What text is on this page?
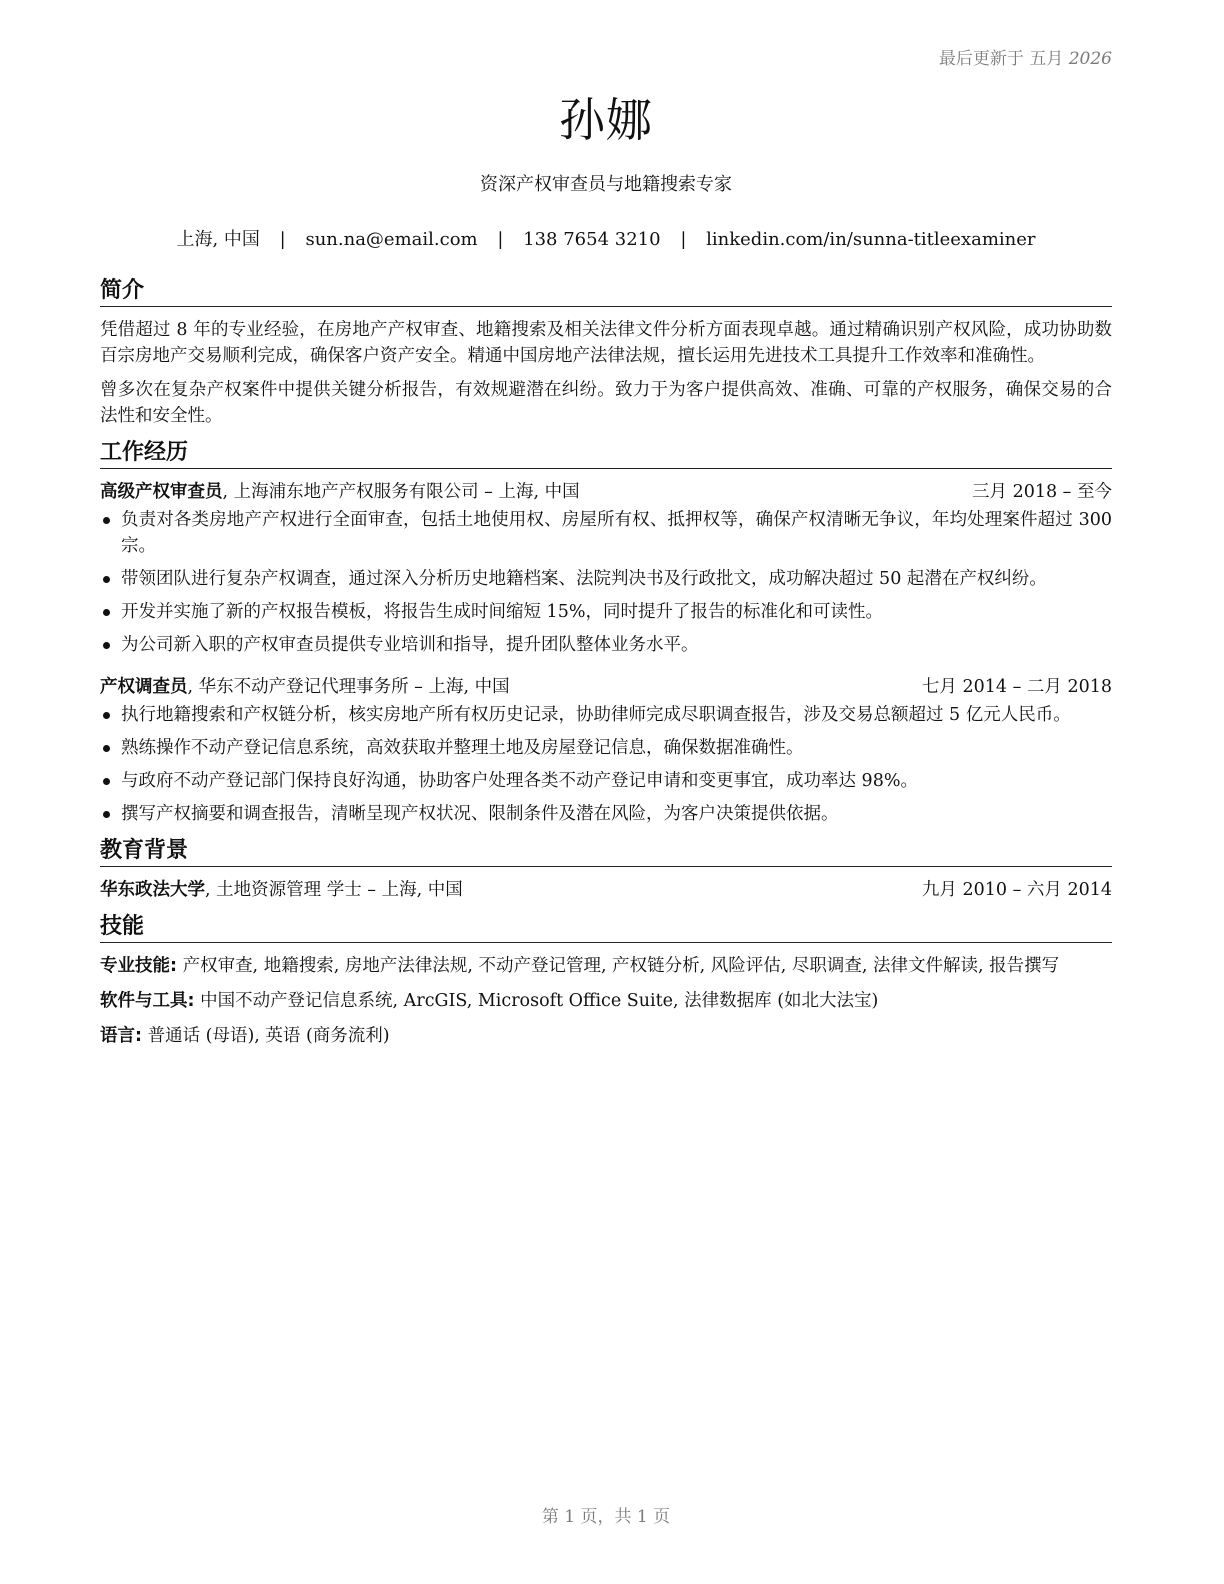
最后更新于 五月 2026
孙娜
资深产权审查员与地籍搜索专家
上海, 中国 | sun.na@email.com | 138 7654 3210 | linkedin.com/in/sunna-titleexaminer
简介

凭借超过 8 年的专业经验，在房地产产权审查、地籍搜索及相关法律文件分析方面表现卓越。通过精确识别产权风险，成功协助数百宗房地产交易顺利完成，确保客户资产安全。精通中国房地产法律法规，擅长运用先进技术工具提升工作效率和准确性。

曾多次在复杂产权案件中提供关键分析报告，有效规避潜在纠纷。致力于为客户提供高效、准确、可靠的产权服务，确保交易的合法性和安全性。

工作经历
高级产权审查员, 上海浦东地产产权服务有限公司 – 上海, 中国	三月 2018 – 至今
负责对各类房地产产权进行全面审查，包括土地使用权、房屋所有权、抵押权等，确保产权清晰无争议，年均处理案件超过 300 宗。
带领团队进行复杂产权调查，通过深入分析历史地籍档案、法院判决书及行政批文，成功解决超过 50 起潜在产权纠纷。
开发并实施了新的产权报告模板，将报告生成时间缩短 15%，同时提升了报告的标准化和可读性。
为公司新入职的产权审查员提供专业培训和指导，提升团队整体业务水平。
产权调查员, 华东不动产登记代理事务所 – 上海, 中国	七月 2014 – 二月 2018
执行地籍搜索和产权链分析，核实房地产所有权历史记录，协助律师完成尽职调查报告，涉及交易总额超过 5 亿元人民币。
熟练操作不动产登记信息系统，高效获取并整理土地及房屋登记信息，确保数据准确性。
与政府不动产登记部门保持良好沟通，协助客户处理各类不动产登记申请和变更事宜，成功率达 98%。
撰写产权摘要和调查报告，清晰呈现产权状况、限制条件及潜在风险，为客户决策提供依据。
教育背景
华东政法大学, 土地资源管理 学士 – 上海, 中国	九月 2010 – 六月 2014
技能
专业技能: 产权审查, 地籍搜索, 房地产法律法规, 不动产登记管理, 产权链分析, 风险评估, 尽职调查, 法律文件解读, 报告撰写
软件与工具: 中国不动产登记信息系统, ArcGIS, Microsoft Office Suite, 法律数据库 (如北大法宝)
语言: 普通话 (母语), 英语 (商务流利)
第 1 页，共 1 页
